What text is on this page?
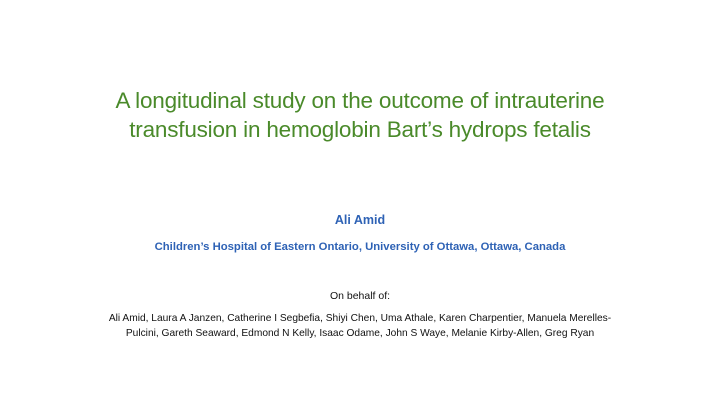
A longitudinal study on the outcome of intrauterine
transfusion in hemoglobin Bart’s hydrops fetalis
Ali Amid
Children’s Hospital of Eastern Ontario, University of Ottawa, Ottawa, Canada
On behalf of:
Ali Amid, Laura A Janzen, Catherine I Segbefia, Shiyi Chen, Uma Athale, Karen Charpentier, Manuela Merelles-
Pulcini, Gareth Seaward, Edmond N Kelly, Isaac Odame, John S Waye, Melanie Kirby-Allen, Greg Ryan
